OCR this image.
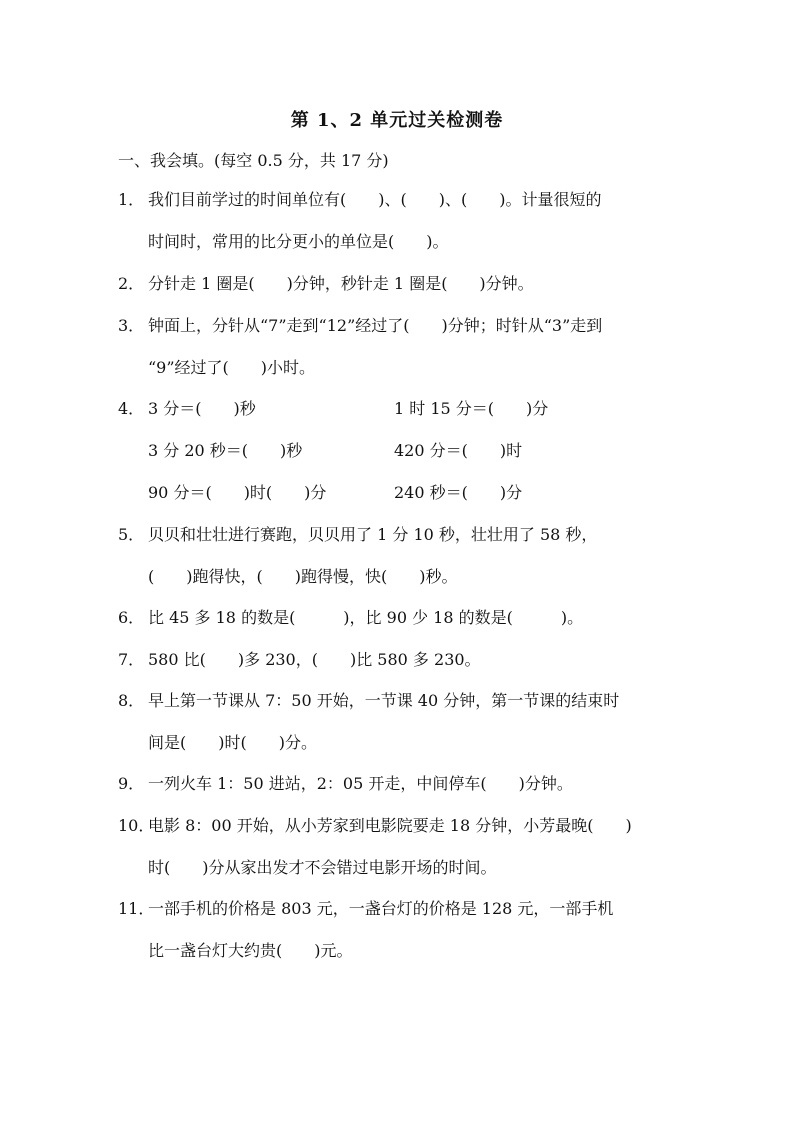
第 1、2 单元过关检测卷
一、我会填。(每空 0.5 分，共 17 分)
1． 我们目前学过的时间单位有(　　)、(　　)、(　　)。计量很短的
时间时，常用的比分更小的单位是(　　)。
2． 分针走 1 圈是(　　)分钟，秒针走 1 圈是(　　)分钟。
3． 钟面上，分针从“7”走到“12”经过了(　　)分钟；时针从“3”走到
“9”经过了(　　)小时。
4． 3 分＝(　　)秒	1 时 15 分＝(　　)分
3 分 20 秒＝(　　)秒	420 分＝(　　)时
90 分＝(　　)时(　　)分	240 秒＝(　　)分
5． 贝贝和壮壮进行赛跑，贝贝用了 1 分 10 秒，壮壮用了 58 秒，
(　　)跑得快，(　　)跑得慢，快(　　)秒。
6． 比 45 多 18 的数是(　　　)，比 90 少 18 的数是(　　　)。
7． 580 比(　　)多 230，(　　)比 580 多 230。
8． 早上第一节课从 7：50 开始，一节课 40 分钟，第一节课的结束时
间是(　　)时(　　)分。
9． 一列火车 1：50 进站，2：05 开走，中间停车(　　)分钟。
10．电影 8：00 开始，从小芳家到电影院要走 18 分钟，小芳最晚(　　)
时(　　)分从家出发才不会错过电影开场的时间。
11．一部手机的价格是 803 元，一盏台灯的价格是 128 元，一部手机
比一盏台灯大约贵(　　)元。
